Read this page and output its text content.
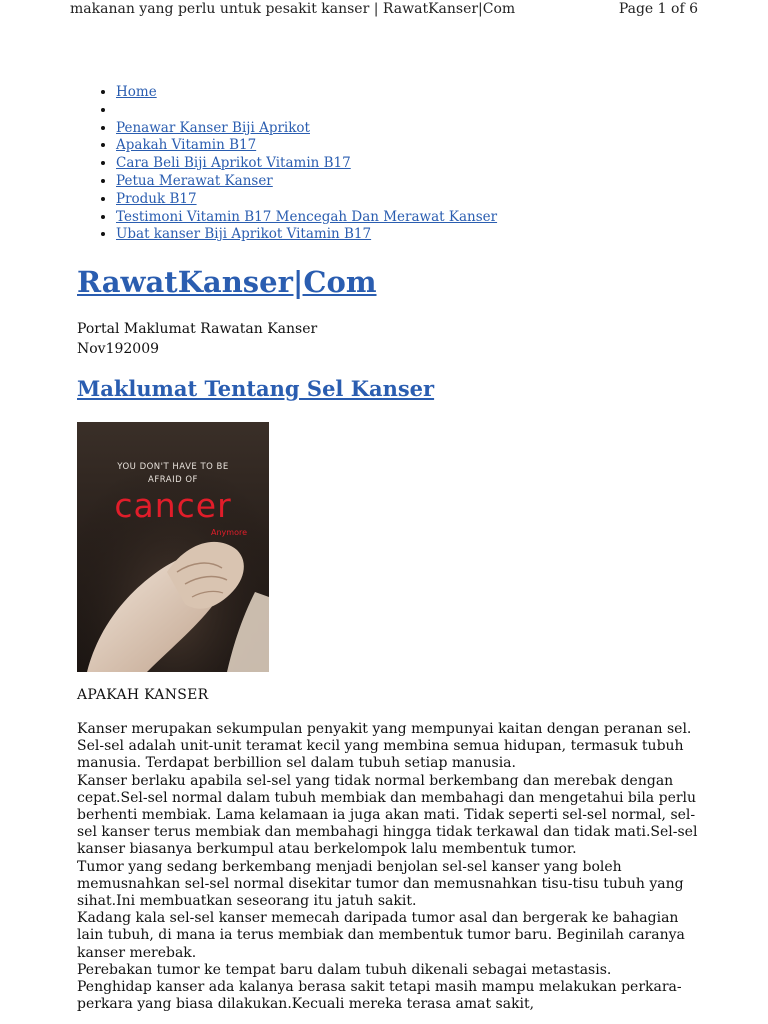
makanan yang perlu untuk pesakit kanser | RawatKanser|Com	Page 1 of 6
• Home
•
• Penawar Kanser Biji Aprikot
• Apakah Vitamin B17
• Cara Beli Biji Aprikot Vitamin B17
• Petua Merawat Kanser
• Produk B17
• Testimoni Vitamin B17 Mencegah Dan Merawat Kanser
• Ubat kanser Biji Aprikot Vitamin B17
RawatKanser|Com
Portal Maklumat Rawatan Kanser
Nov192009
Maklumat Tentang Sel Kanser
YOU DON'T HAVE TO BE
AFRAID OF
cancer
Anymore
APAKAH KANSER

Kanser merupakan sekumpulan penyakit yang mempunyai kaitan dengan peranan sel. Sel-sel adalah unit-unit teramat kecil yang membina semua hidupan, termasuk tubuh manusia. Terdapat berbillion sel dalam tubuh setiap manusia.

Kanser berlaku apabila sel-sel yang tidak normal berkembang dan merebak dengan cepat.Sel-sel normal dalam tubuh membiak dan membahagi dan mengetahui bila perlu berhenti membiak. Lama kelamaan ia juga akan mati. Tidak seperti sel-sel normal, sel-sel kanser terus membiak dan membahagi hingga tidak terkawal dan tidak mati.Sel-sel kanser biasanya berkumpul atau berkelompok lalu membentuk tumor.

Tumor yang sedang berkembang menjadi benjolan sel-sel kanser yang boleh memusnahkan sel-sel normal disekitar tumor dan memusnahkan tisu-tisu tubuh yang sihat.Ini membuatkan seseorang itu jatuh sakit.

Kadang kala sel-sel kanser memecah daripada tumor asal dan bergerak ke bahagian lain tubuh, di mana ia terus membiak dan membentuk tumor baru. Beginilah caranya kanser merebak.

Perebakan tumor ke tempat baru dalam tubuh dikenali sebagai metastasis.

Penghidap kanser ada kalanya berasa sakit tetapi masih mampu melakukan perkara-perkara yang biasa dilakukan.Kecuali mereka terasa amat sakit,
